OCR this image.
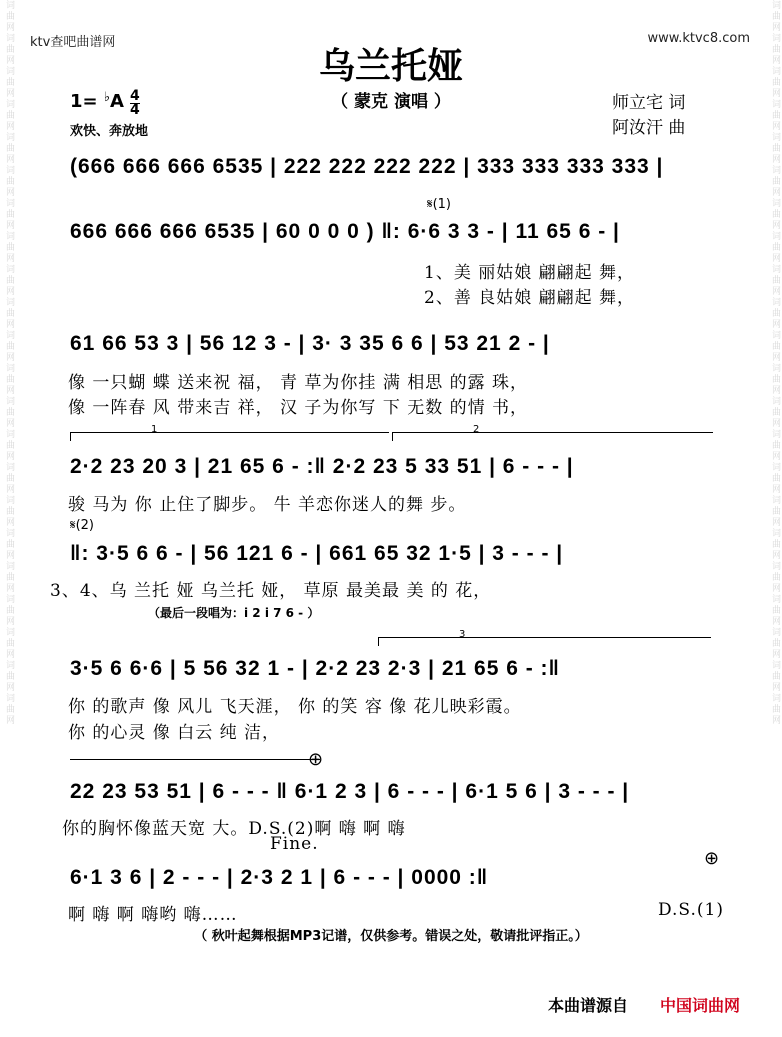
词曲网词曲网词曲网词曲网词曲网词曲网词曲网词曲网词曲网词曲网词曲网词曲网词曲网词曲网词曲网词曲网词曲网词曲网词曲网词曲网词曲网词曲网	词曲网词曲网词曲网词曲网词曲网词曲网词曲网词曲网词曲网词曲网词曲网词曲网词曲网词曲网词曲网词曲网词曲网词曲网词曲网词曲网词曲网词曲网
ktv查吧曲谱网	www.ktvc8.com
乌兰托娅
（ 蒙克 演唱 ）
1= ♭A 4
4
欢快、奔放地
师立宅 词
阿汝汗 曲
(666 666 666 6535 | 222 222 222 222 | 333 333 333 333 |
𝄋(1)
666 666 666 6535 | 60 0 0 0 ) ‖: 6·6 3 3 - | 11 65 6 - |
1、美 丽姑娘 翩翩起 舞，
2、善 良姑娘 翩翩起 舞，
61 66 53 3 | 56 12 3 - | 3· 3 35 6 6 | 53 21 2 - |
像 一只蝴 蝶 送来祝 福， 青 草为你挂 满 相思 的露 珠，
像 一阵春 风 带来吉 祥， 汉 子为你写 下 无数 的情 书，
1	2
2·2 23 20 3 | 21 65 6 - :‖ 2·2 23 5 33 51 | 6 - - - |
骏 马为 你 止住了脚步。 牛 羊恋你迷人的舞 步。
𝄋(2)
‖: 3·5 6 6 - | 56 121 6 - | 661 65 32 1·5 | 3 - - - |
3、4、乌 兰托 娅 乌兰托 娅， 草原 最美最 美 的 花，
（最后一段唱为：i 2 i 7 6 - ）
3
3·5 6 6·6 | 5 56 32 1 - | 2·2 23 2·3 | 21 65 6 - :‖
你 的歌声 像 风儿 飞天涯， 你 的笑 容 像 花儿映彩霞。
你 的心灵 像 白云 纯 洁，
⊕
22 23 53 51 | 6 - - - ‖ 6·1 2 3 | 6 - - - | 6·1 5 6 | 3 - - - |
你的胸怀像蓝天宽 大。D.S.(2)啊 嗨 啊 嗨
Fine.
⊕
6·1 3 6 | 2 - - - | 2·3 2 1 | 6 - - - | 0000 :‖
啊 嗨 啊 嗨哟 嗨……	D.S.(1)
（ 秋叶起舞根据MP3记谱，仅供参考。错误之处，敬请批评指正。）
本曲谱源自 中国词曲网
